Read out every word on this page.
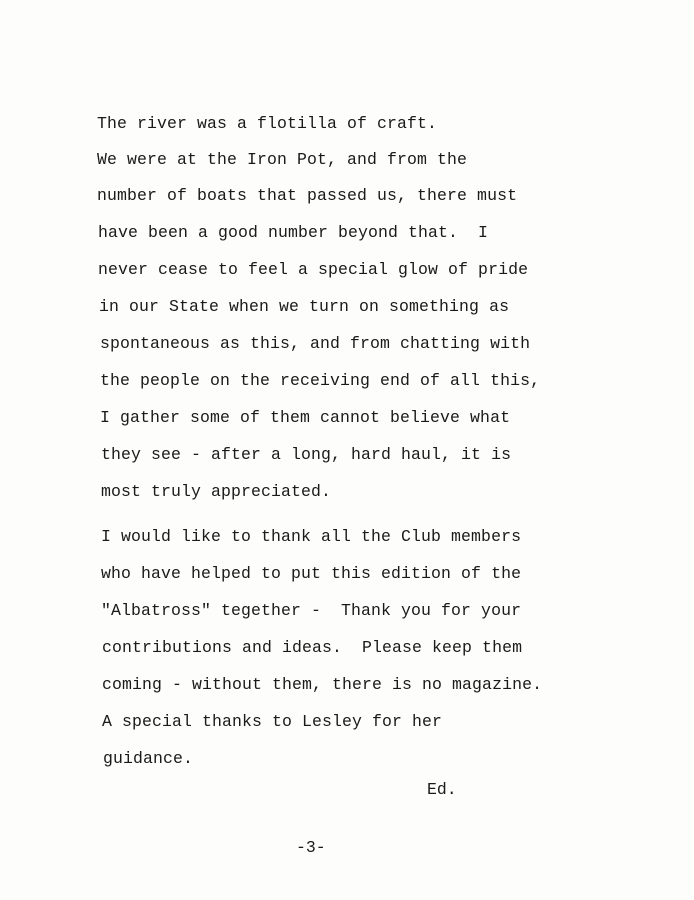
The river was a flotilla of craft.
We were at the Iron Pot, and from the
number of boats that passed us, there must
have been a good number beyond that.  I
never cease to feel a special glow of pride
in our State when we turn on something as
spontaneous as this, and from chatting with
the people on the receiving end of all this,
I gather some of them cannot believe what
they see - after a long, hard haul, it is
most truly appreciated.
I would like to thank all the Club members
who have helped to put this edition of the
"Albatross" tegether -  Thank you for your
contributions and ideas.  Please keep them
coming - without them, there is no magazine.
A special thanks to Lesley for her
guidance.
Ed.
-3-
